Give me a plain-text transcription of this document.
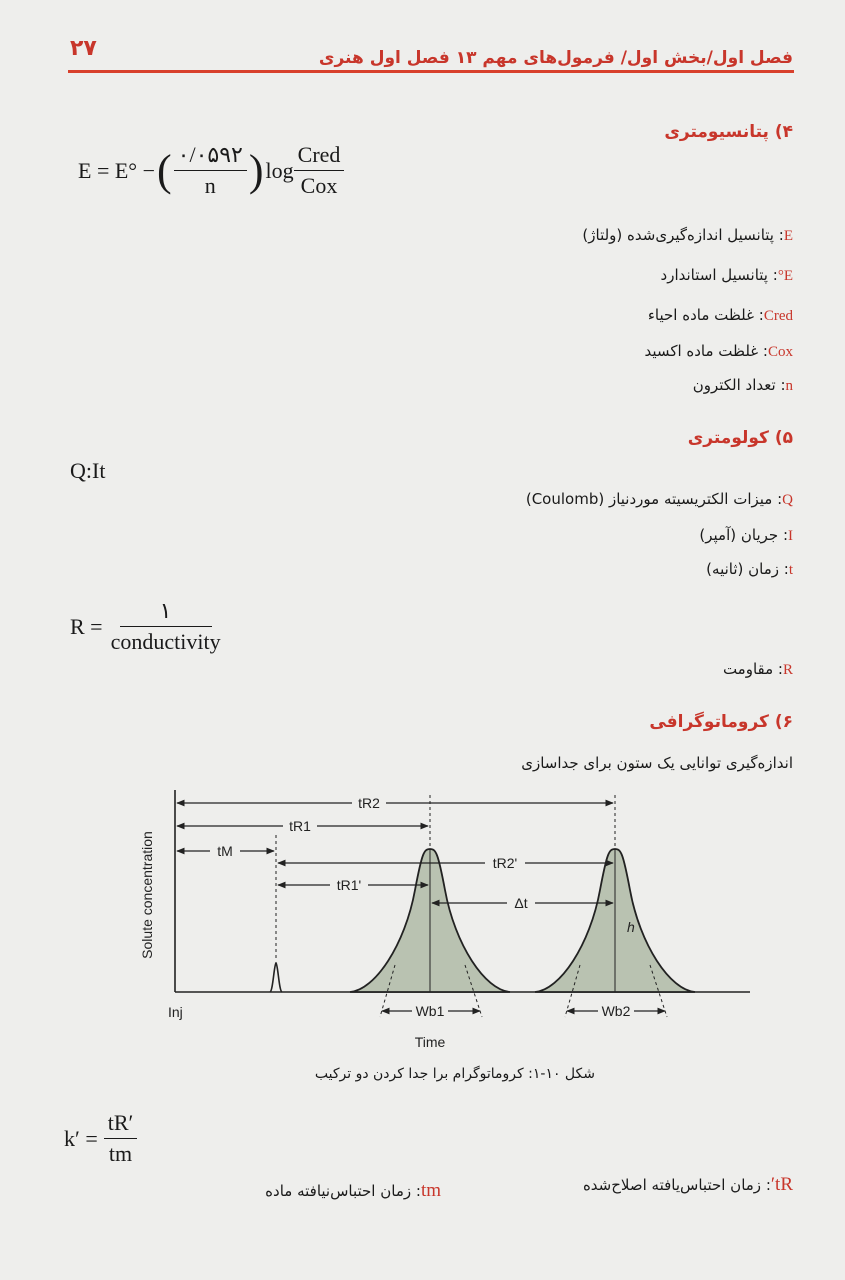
۲۷	فصل اول/بخش اول/ فرمول‌های مهم ۱۳ فصل اول هنری
۴) پتانسیومتری
E = E° − ( $\frac{۰/۰۵۹۲}{n}$ ) $\log \frac{\text{Cred}}{\text{Cox}}$
E: پتانسیل اندازه‌گیری‌شده (ولتاژ)
E°: پتانسیل استاندارد
Cred: غلظت ماده احیاء
Cox: غلظت ماده اکسید
n: تعداد الکترون
۵) کولومتری
Q:It
Q: میزات الکتریسیته موردنیاز (Coulomb)
I: جریان (آمپر)
t: زمان (ثانیه)
$R = \frac{۱}{\text{conductivity}}$
R: مقاومت
۶) کروماتوگرافی
اندازه‌گیری توانایی یک ستون برای جداسازی
tR2
tR1
tM
tR2'
tR1'
Δt
h
Wb1	Wb2
Solute concentration
Time
Inj
شکل ۱۰-۱: کروماتوگرام برا جدا کردن دو ترکیب
$k' = \frac{tR'}{tm}$
tR′: زمان احتباس‌یافته اصلاح‌شده
tm: زمان احتباس‌نیافته ماده
